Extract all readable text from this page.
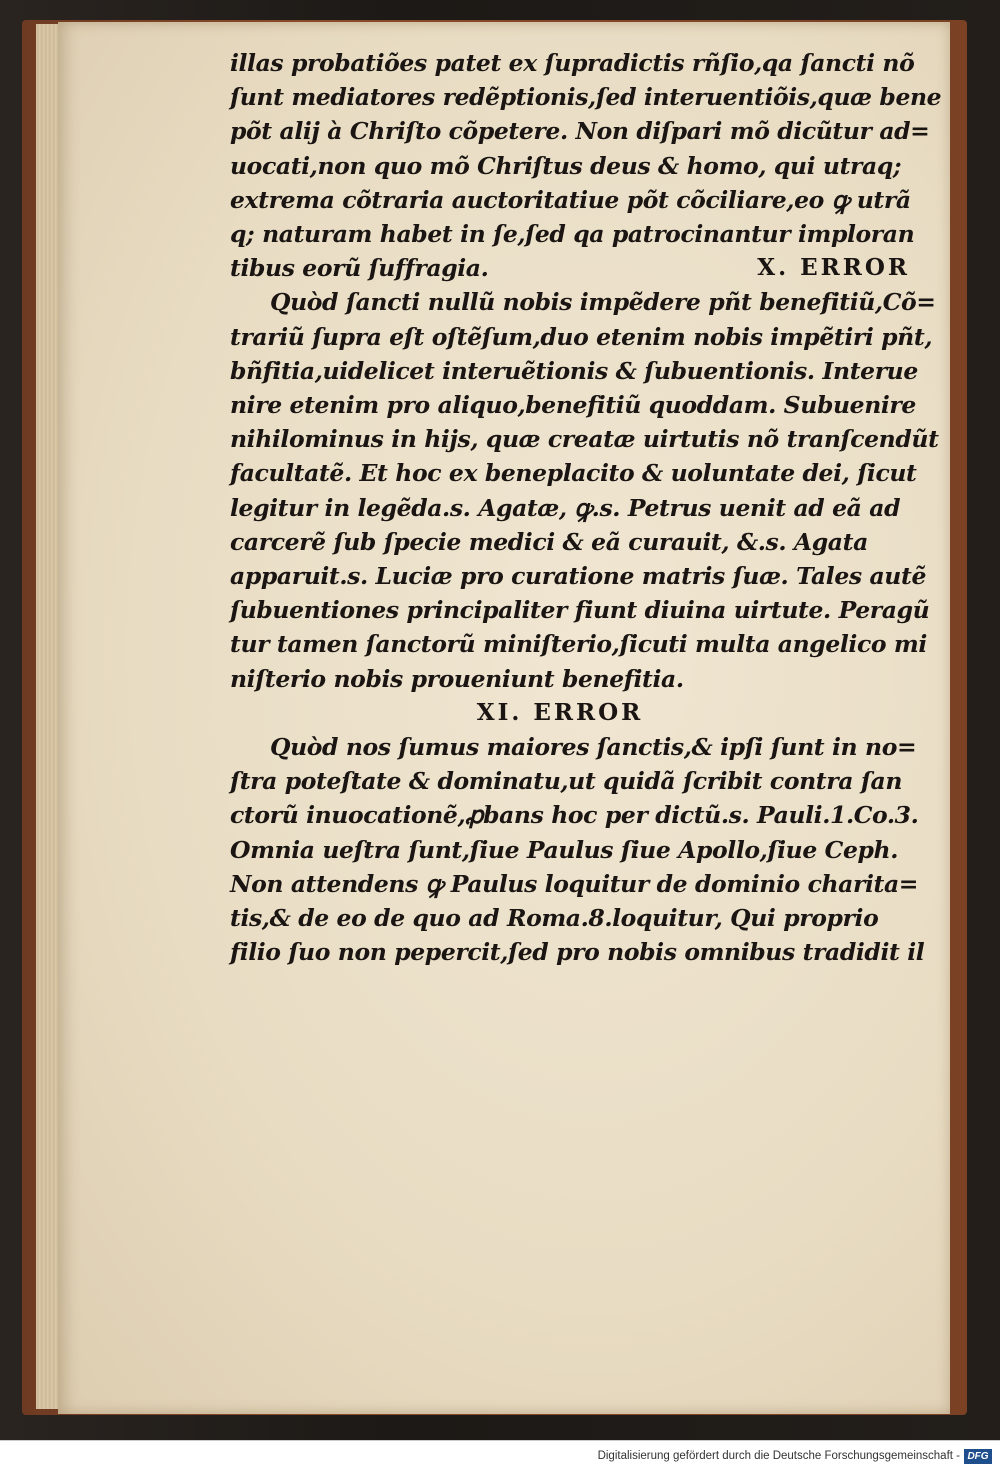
illas probatiões patet ex ſupradictis rñſio,qa ſancti nõ
ſunt mediatores redẽptionis,ſed interuentiõis,quæ bene
põt alij à Chriſto cõpetere. Non diſpari mõ dicũtur ad=
uocati,non quo mõ Chriſtus deus & homo, qui utraq;
extrema cõtraria auctoritatiue põt cõciliare,eo ꝙ utrã
q; naturam habet in ſe,ſed qa patrocinantur imploran
tibus eorũ ſuffragia.	X. ERROR
Quòd ſancti nullũ nobis impẽdere pñt benefitiũ,Cõ=
trariũ ſupra eſt oſtẽſum,duo etenim nobis impẽtiri pñt,
bñfitia,uidelicet interuẽtionis & ſubuentionis. Interue
nire etenim pro aliquo,benefitiũ quoddam. Subuenire
nihilominus in hijs, quæ creatæ uirtutis nõ tranſcendũt
facultatẽ. Et hoc ex beneplacito & uoluntate dei, ſicut
legitur in legẽda.s. Agatæ, ꝙ.s. Petrus uenit ad eã ad
carcerẽ ſub ſpecie medici & eã curauit, &.s. Agata
apparuit.s. Luciæ pro curatione matris ſuæ. Tales autẽ
ſubuentiones principaliter fiunt diuina uirtute. Peragũ
tur tamen ſanctorũ miniſterio,ſicuti multa angelico mi
niſterio nobis proueniunt benefitia.
XI. ERROR
Quòd nos ſumus maiores ſanctis,& ipſi ſunt in no=
ſtra poteſtate & dominatu,ut quidã ſcribit contra ſan
ctorũ inuocationẽ,ꝓbans hoc per dictũ.s. Pauli.1.Co.3.
Omnia ueſtra ſunt,ſiue Paulus ſiue Apollo,ſiue Ceph.
Non attendens ꝙ Paulus loquitur de dominio charita=
tis,& de eo de quo ad Roma.8.loquitur, Qui proprio
filio ſuo non pepercit,ſed pro nobis omnibus tradidit il
Digitalisierung gefördert durch die Deutsche Forschungsgemeinschaft - DFG
